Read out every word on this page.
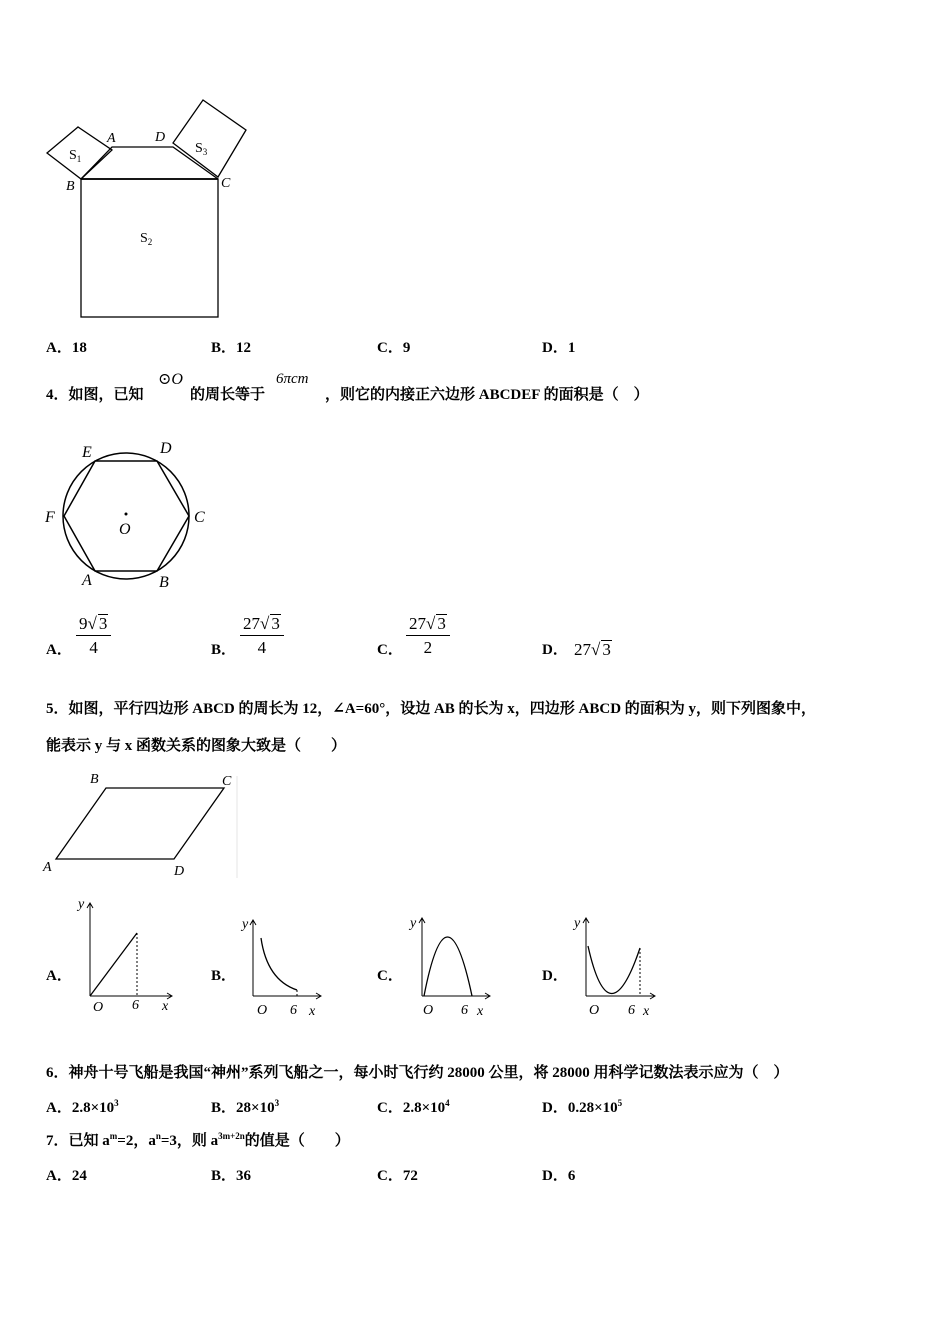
A	D
B	C
$S_1$
$S_3$
$S_2$
A．18	B．12	C．9	D．1
4．如图，已知
⊙O
的周长等于
6πcm
，则它的内接正六边形 ABCDEF 的面积是（　）
A	B
C
D
E
F
O
A． $\frac{9√ 3}{4}$	B． $\frac{27√ 3}{4}$	C． $\frac{27√ 3}{2}$	D． 27√ 3
5．如图，平行四边形 ABCD 的周长为 12，∠A=60°，设边 AB 的长为 x，四边形 ABCD 的面积为 y，则下列图象中，
能表示 y 与 x 函数关系的图象大致是（　　）
B	C
A	D
A．	B．	C．	D．
y
x
O 6
y
x
O 6
y
x
O 6
y
x
O 6
6．神舟十号飞船是我国“神州”系列飞船之一，每小时飞行约 28000 公里，将 28000 用科学记数法表示应为（　）
A．$2.8\times 10^3$	B．$28\times 10^3$	C．$2.8\times 10^4$	D．$0.28\times 10^5$
7．已知 $a^m=2$，$a^n=3$，则 $a^{3m+2n}$的值是（　　）
A．24	B．36	C．72	D．6
